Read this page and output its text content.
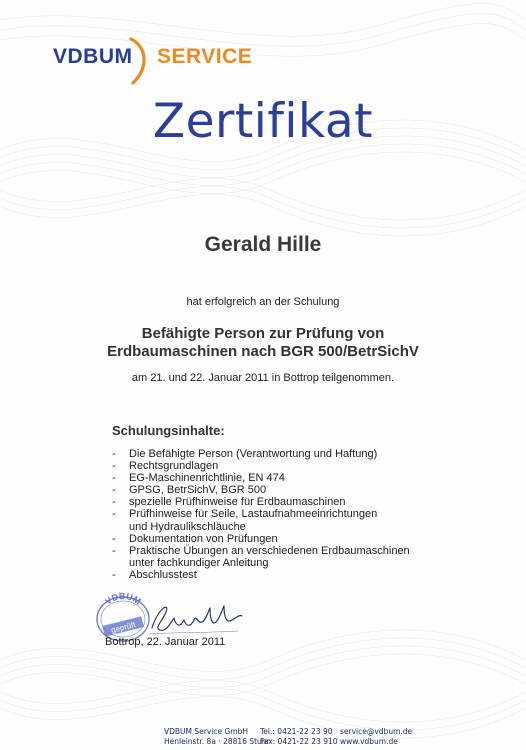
VDBUM SERVICE
Zertifikat
Gerald Hille
hat erfolgreich an der Schulung
Befähigte Person zur Prüfung von
Erdbaumaschinen nach BGR 500/BetrSichV
am 21. und 22. Januar 2011 in Bottrop teilgenommen.
Schulungsinhalte:
- Die Befähigte Person (Verantwortung und Haftung)
- Rechtsgrundlagen
- EG-Maschinenrichtlinie, EN 474
- GPSG, BetrSichV, BGR 500
- spezielle Prüfhinweise für Erdbaumaschinen
- Prüfhinweise für Seile, Lastaufnahmeeinrichtungen
und Hydraulikschläuche
- Dokumentation von Prüfungen
- Praktische Übungen an verschiedenen Erdbaumaschinen
unter fachkundiger Anleitung
- Abschlusstest
VDBUM
geprüft
Bottrop, 22. Januar 2011
VDBUM Service GmbH
Henleinstr. 8a · 28816 Stuhr
Tel.: 0421-22 23 90
Fax: 0421-22 23 910
service@vdbum.de
www.vdbum.de
